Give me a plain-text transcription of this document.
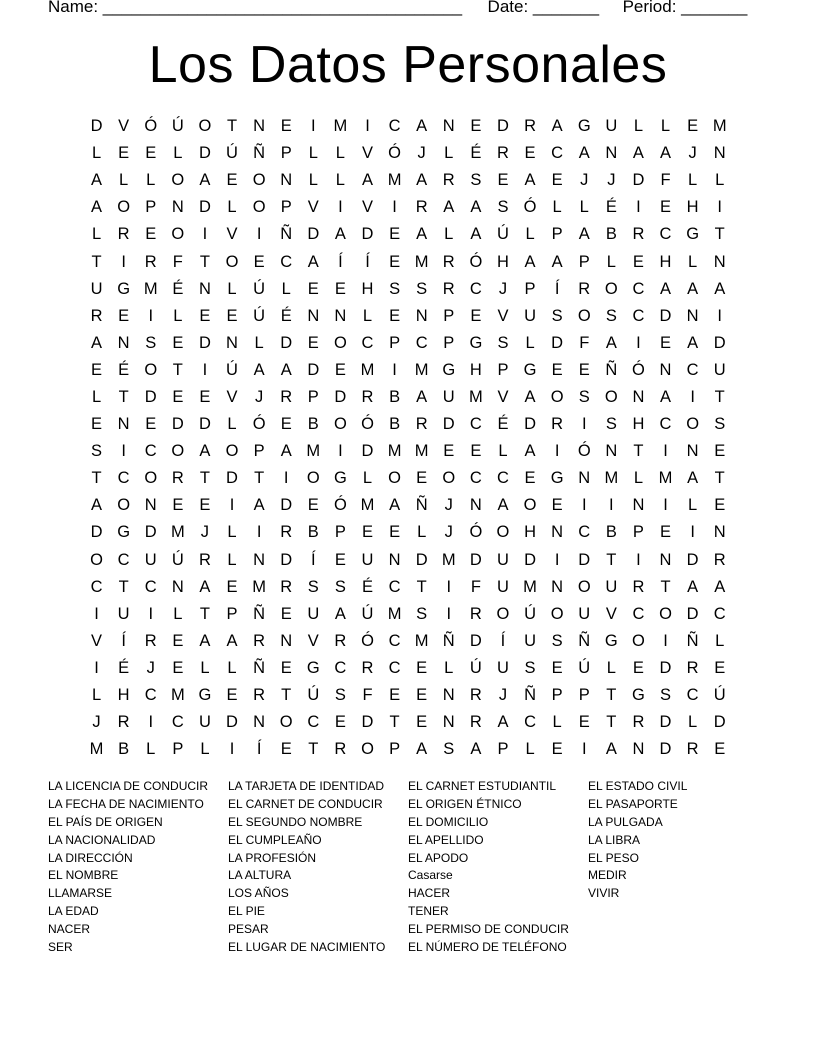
Name: ______________________________________ Date: _______ Period: _______
Los Datos Personales
D V Ó Ú O T N E	I	M	I	C A N E D R A G U	L	L	E M
L	E E	L	D Ú Ñ P	L	L	V Ó	J	L	É R E C A N A A	J	N
A	L	L O A E O N	L	L	A M A R S E A E	J	J	D F	L	L
A O P N D	L O P V	I	V	I	R A A S Ó L	L	É	I	E H	I
L	R E O	I	V	I	Ñ D A D E A	L	A Ú	L	P A B R C G T
T	I	R F	T O E C A	Í	Í	E M R Ó H A A P	L	E H	L	N
U G M É N	L	Ú	L	E E H S S R C	J	P	Í	R O C A A A
R E	I	L	E E Ú É N N	L	E N P E V U S O S C D N	I
A N S E D N	L	D E O C P C P G S	L	D F	A	I	E A D
E É O T	I	Ú A A D E M	I	M G H P G E E Ñ Ó N C U
L	T D E E V	J	R P D R B A U M V A O S O N A	I	T
E N E D D	L Ó E B O Ó B R D C É D R	I	S H C O S
S	I	C O A O P A M	I	D M M E E	L	A	I	Ó N T	I	N E
T C O R T D T	I	O G L O E O C C E G N M L M A	T
A O N E E	I	A D E Ó M A Ñ	J	N A O E	I	I	N	I	L	E
D G D M J	L	I	R B P E E	L	J	Ó O H N C B P E	I	N
O C U Ú R	L	N D	Í	E U N D M D U D	I	D T	I	N D R
C T C N A E M R S S É C T	I	F U M N O U R T	A A
I	U	I	L	T	P Ñ E U A Ú M S	I	R O Ú O U V C O D C
V	Í	R E A A R N V R Ó C M Ñ D	Í	U S Ñ G O	I	Ñ	L
I	É	J	E	L	L	Ñ E G C R C E	L	Ú U S E Ú	L	E D R E
L	H C M G E R T Ú S	F	E E N R	J	Ñ P P	T G S C Ú
J	R	I	C U D N O C E D T	E N R A C	L	E	T R D	L	D
M B	L	P	L	I	Í	E	T R O P A S A P	L	E	I	A N D R E
LA LICENCIA DE CONDUCIR
LA FECHA DE NACIMIENTO
EL PAÍS DE ORIGEN
LA NACIONALIDAD
LA DIRECCIÓN
EL NOMBRE
LLAMARSE
LA EDAD
NACER
SER
LA TARJETA DE IDENTIDAD
EL CARNET DE CONDUCIR
EL SEGUNDO NOMBRE
EL CUMPLEAÑO
LA PROFESIÓN
LA ALTURA
LOS AÑOS
EL PIE
PESAR
EL LUGAR DE NACIMIENTO
EL CARNET ESTUDIANTIL
EL ORIGEN ÉTNICO
EL DOMICILIO
EL APELLIDO
EL APODO
Casarse
HACER
TENER
EL PERMISO DE CONDUCIR
EL NÚMERO DE TELÉFONO
EL ESTADO CIVIL
EL PASAPORTE
LA PULGADA
LA LIBRA
EL PESO
MEDIR
VIVIR
